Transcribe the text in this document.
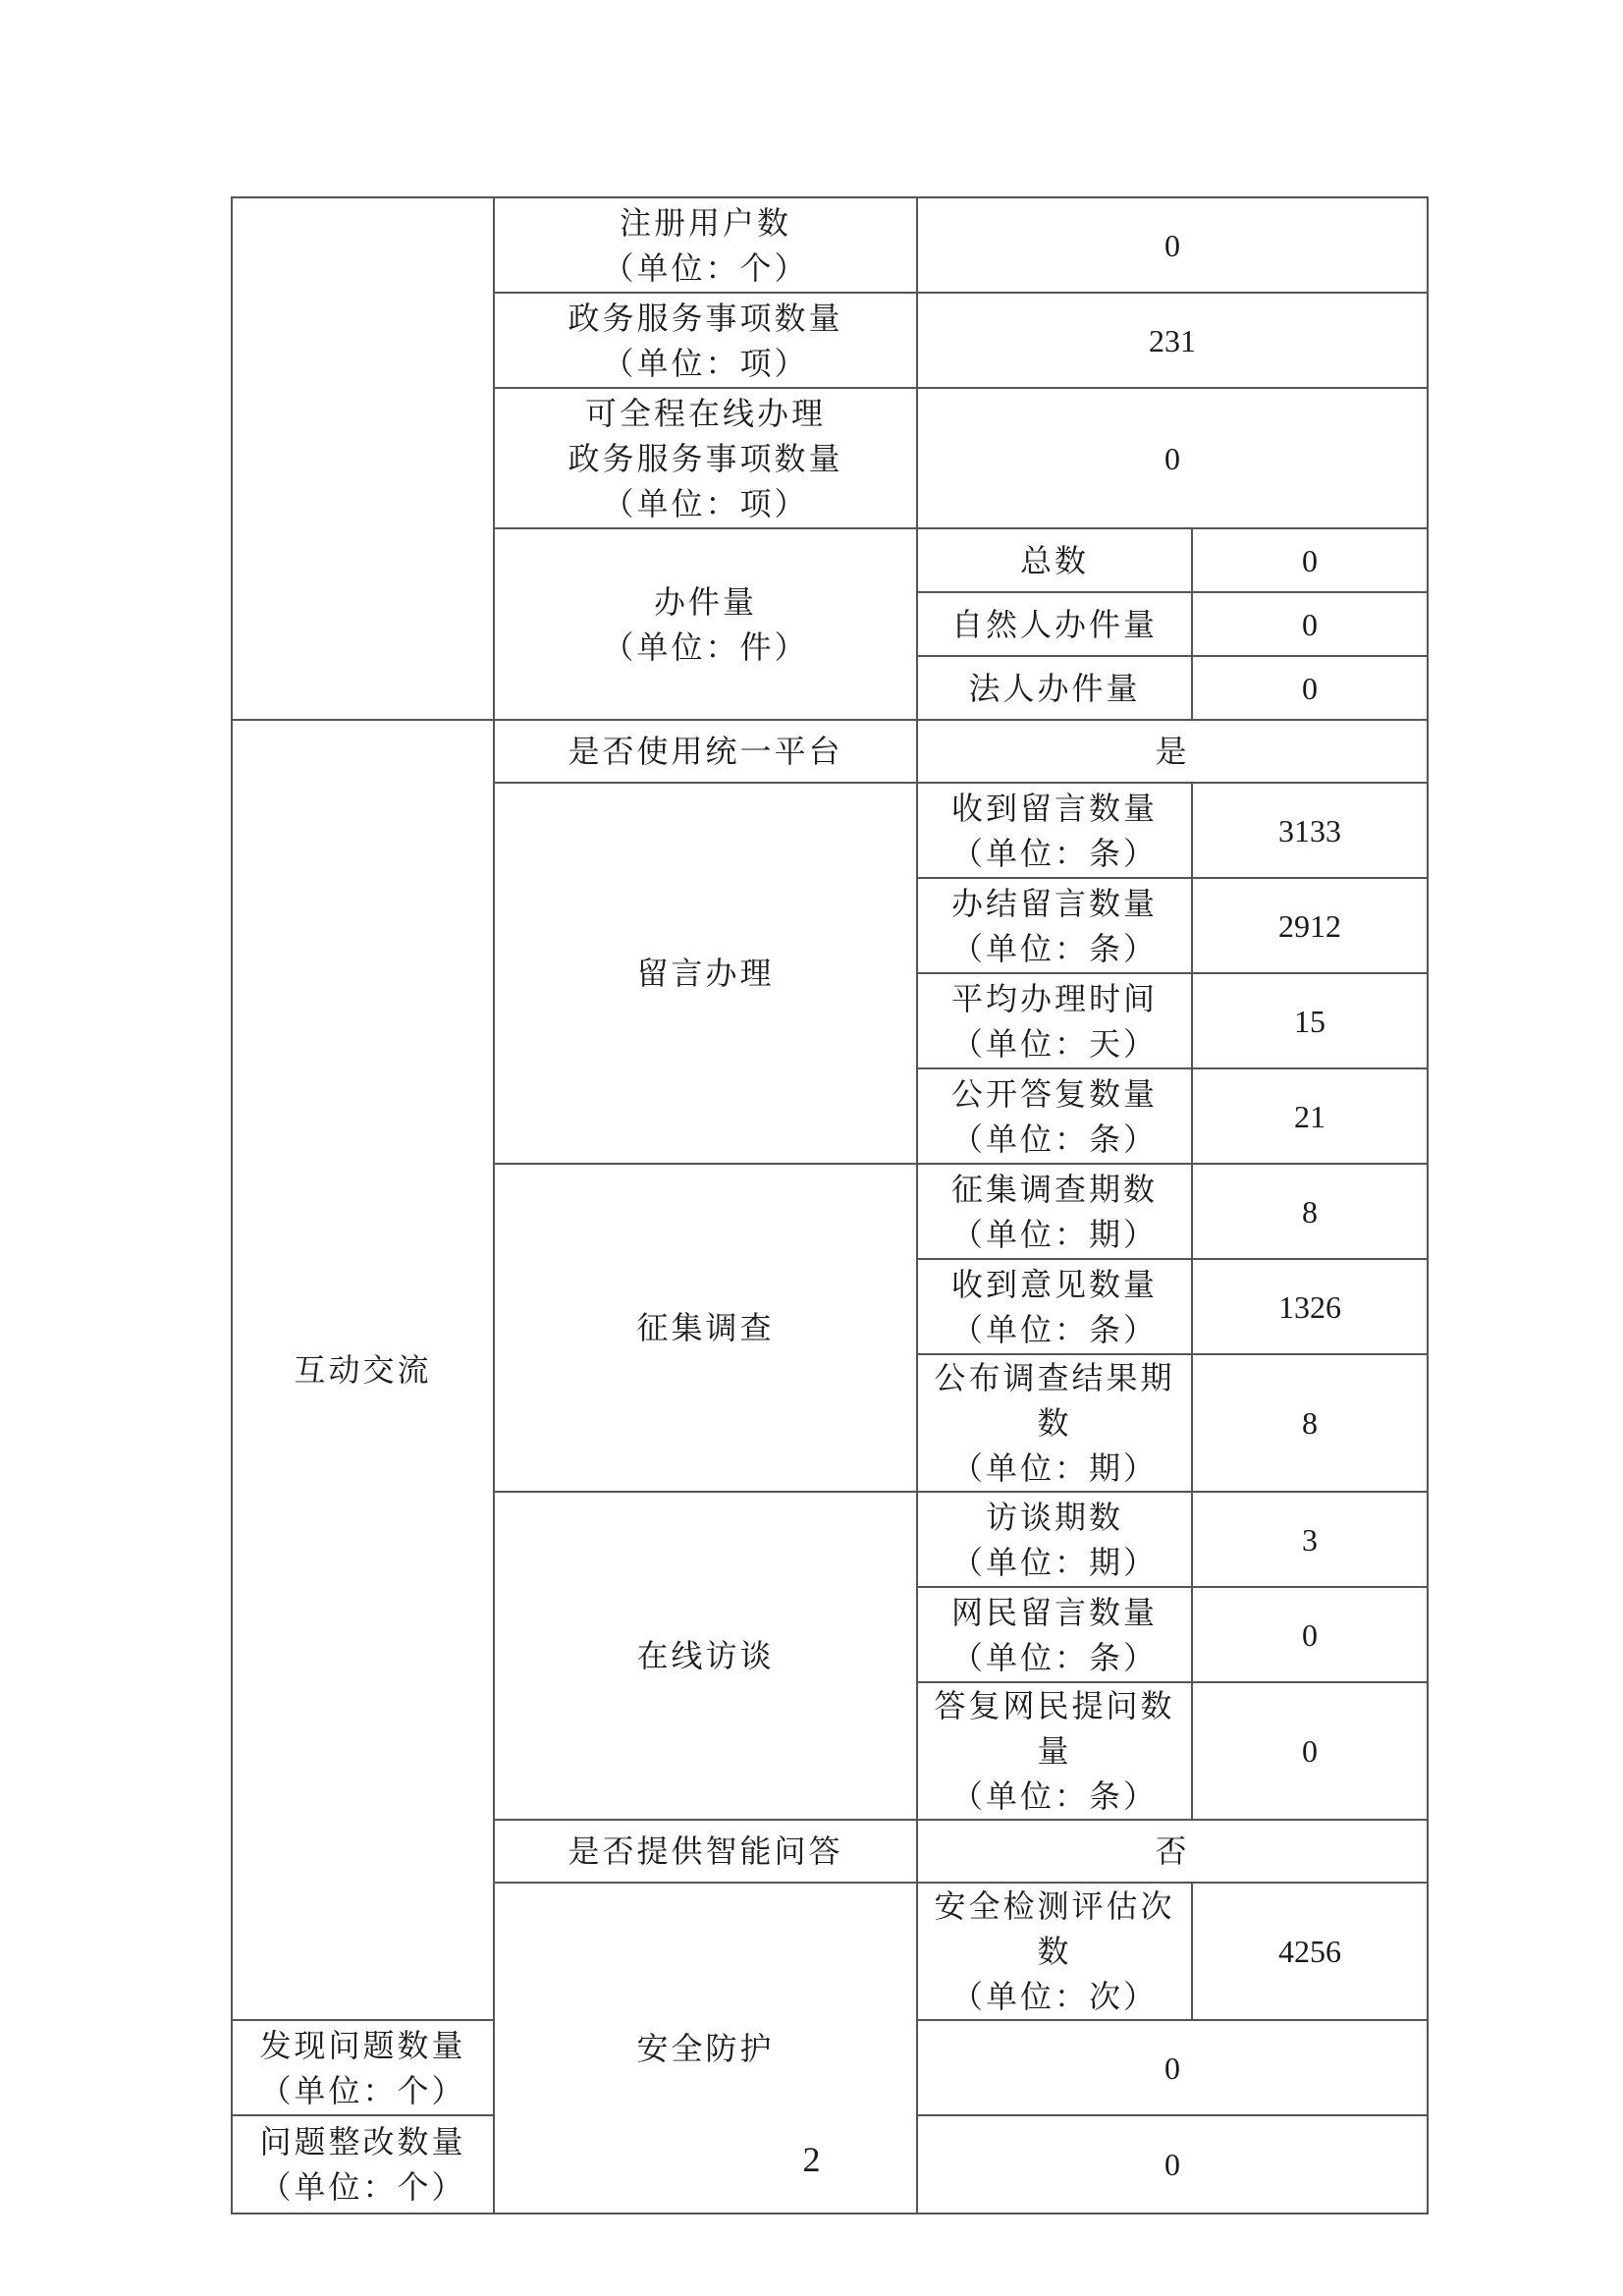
	注册用户数
（单位：个）	0	
	政务服务事项数量
（单位：项）	231	
	可全程在线办理
政务服务事项数量
（单位：项）	0	
	办件量
（单位：件）	总数	0
		自然人办件量	0
		法人办件量	0
互动交流	是否使用统一平台	是	
	留言办理	收到留言数量
（单位：条）	3133
		办结留言数量
（单位：条）	2912
		平均办理时间
（单位：天）	15
		公开答复数量
（单位：条）	21
	征集调查	征集调查期数
（单位：期）	8
		收到意见数量
（单位：条）	1326
		公布调查结果期数
（单位：期）	8
	在线访谈	访谈期数
（单位：期）	3
		网民留言数量
（单位：条）	0
		答复网民提问数量
（单位：条）	0
	是否提供智能问答	否	
	安全防护	安全检测评估次数
（单位：次）	4256
发现问题数量
（单位：个）		0	
问题整改数量
（单位：个）		0	
2
